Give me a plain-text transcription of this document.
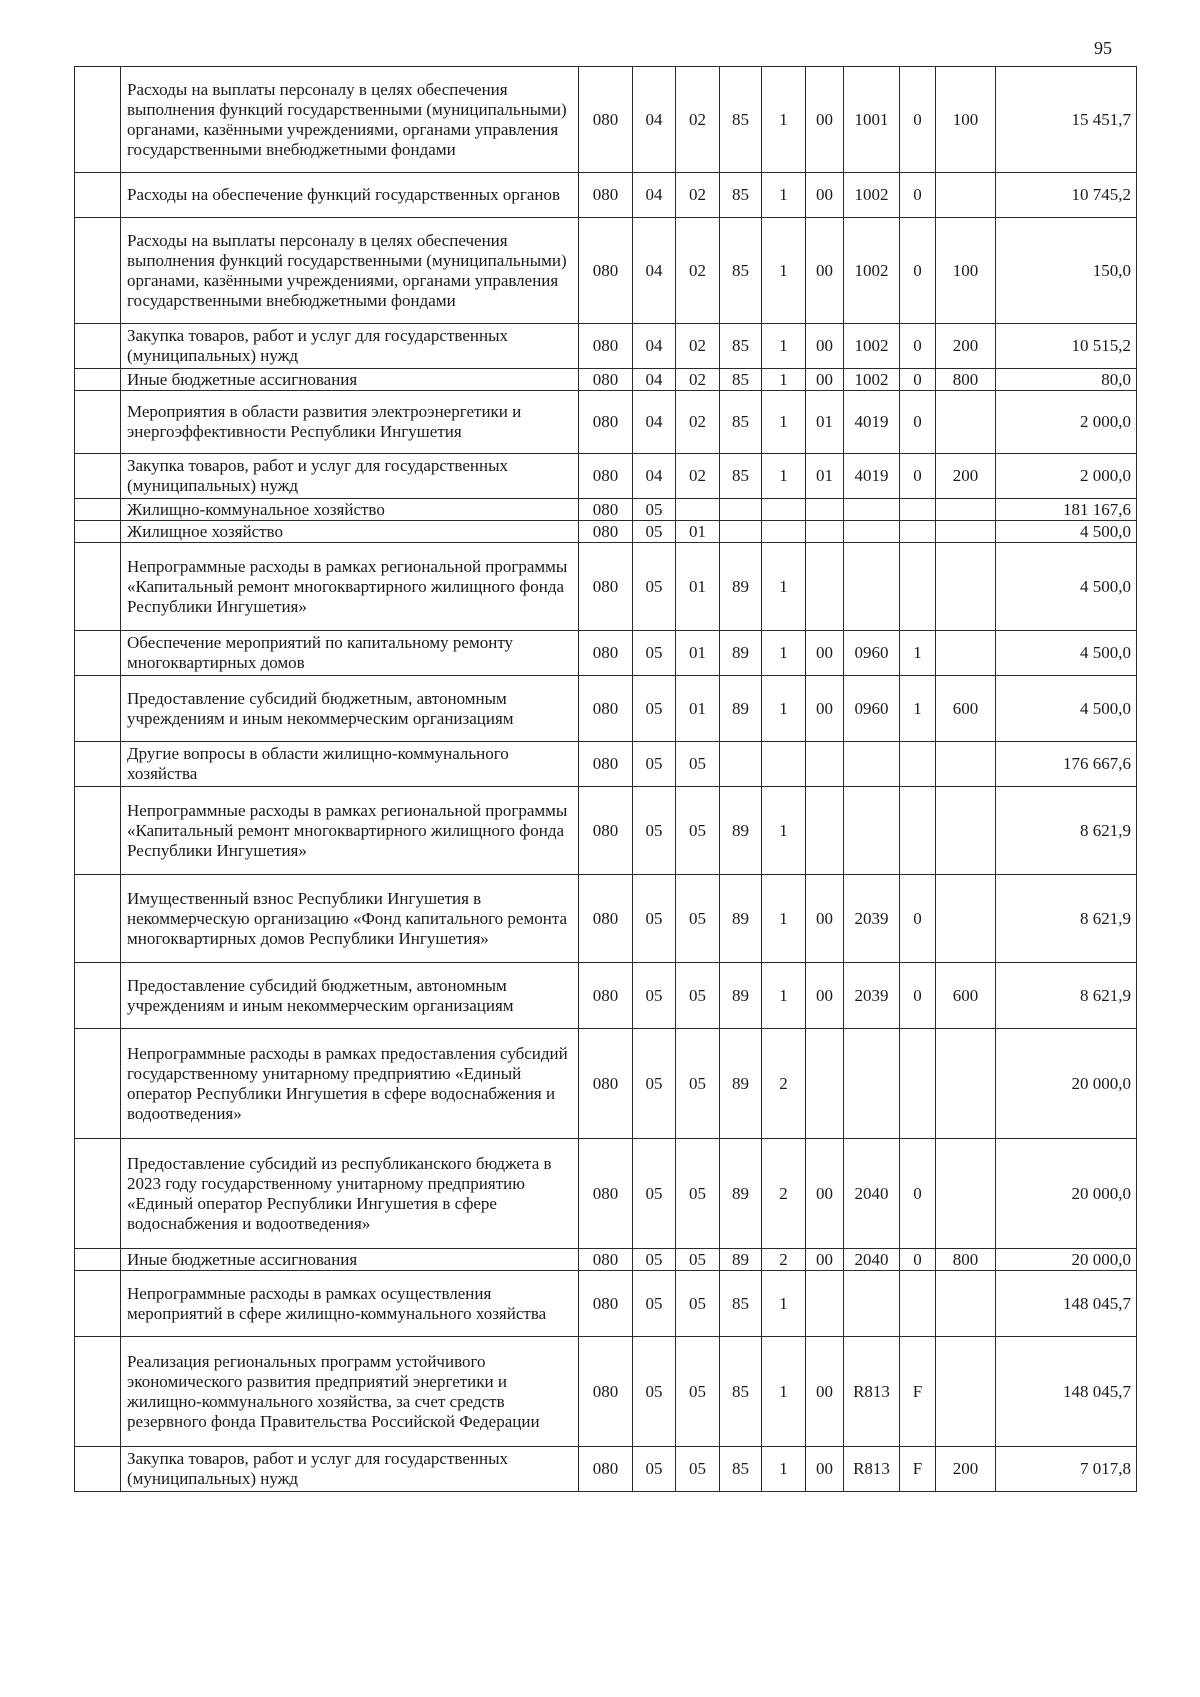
95
	Расходы на выплаты персоналу в целях обеспечения выполнения функций государственными (муниципальными) органами, казёнными учреждениями, органами управления государственными внебюджетными фондами	080	04	02	85	1	00	1001	0	100	15 451,7
	Расходы на обеспечение функций государственных органов	080	04	02	85	1	00	1002	0		10 745,2
	Расходы на выплаты персоналу в целях обеспечения выполнения функций государственными (муниципальными) органами, казёнными учреждениями, органами управления государственными внебюджетными фондами	080	04	02	85	1	00	1002	0	100	150,0
	Закупка товаров, работ и услуг для государственных (муниципальных) нужд	080	04	02	85	1	00	1002	0	200	10 515,2
	Иные бюджетные ассигнования	080	04	02	85	1	00	1002	0	800	80,0
	Мероприятия в области развития электроэнергетики и энергоэффективности Республики Ингушетия	080	04	02	85	1	01	4019	0		2 000,0
	Закупка товаров, работ и услуг для государственных (муниципальных) нужд	080	04	02	85	1	01	4019	0	200	2 000,0
	Жилищно-коммунальное хозяйство	080	05								181 167,6
	Жилищное хозяйство	080	05	01							4 500,0
	Непрограммные расходы в рамках региональной программы «Капитальный ремонт многоквартирного жилищного фонда Республики Ингушетия»	080	05	01	89	1					4 500,0
	Обеспечение мероприятий по капитальному ремонту многоквартирных домов	080	05	01	89	1	00	0960	1		4 500,0
	Предоставление субсидий бюджетным, автономным учреждениям и иным некоммерческим организациям	080	05	01	89	1	00	0960	1	600	4 500,0
	Другие вопросы в области жилищно-коммунального хозяйства	080	05	05							176 667,6
	Непрограммные расходы в рамках региональной программы «Капитальный ремонт многоквартирного жилищного фонда Республики Ингушетия»	080	05	05	89	1					8 621,9
	Имущественный взнос Республики Ингушетия в некоммерческую организацию «Фонд капитального ремонта многоквартирных домов Республики Ингушетия»	080	05	05	89	1	00	2039	0		8 621,9
	Предоставление субсидий бюджетным, автономным учреждениям и иным некоммерческим организациям	080	05	05	89	1	00	2039	0	600	8 621,9
	Непрограммные расходы в рамках предоставления субсидий государственному унитарному предприятию «Единый оператор Республики Ингушетия в сфере водоснабжения и водоотведения»	080	05	05	89	2					20 000,0
	Предоставление субсидий из республиканского бюджета в 2023 году государственному унитарному предприятию «Единый оператор Республики Ингушетия в сфере водоснабжения и водоотведения»	080	05	05	89	2	00	2040	0		20 000,0
	Иные бюджетные ассигнования	080	05	05	89	2	00	2040	0	800	20 000,0
	Непрограммные расходы в рамках осуществления мероприятий в сфере жилищно-коммунального хозяйства	080	05	05	85	1					148 045,7
	Реализация региональных программ устойчивого экономического развития предприятий энергетики и жилищно-коммунального хозяйства, за счет средств резервного фонда Правительства Российской Федерации	080	05	05	85	1	00	R813	F		148 045,7
	Закупка товаров, работ и услуг для государственных (муниципальных) нужд	080	05	05	85	1	00	R813	F	200	7 017,8
